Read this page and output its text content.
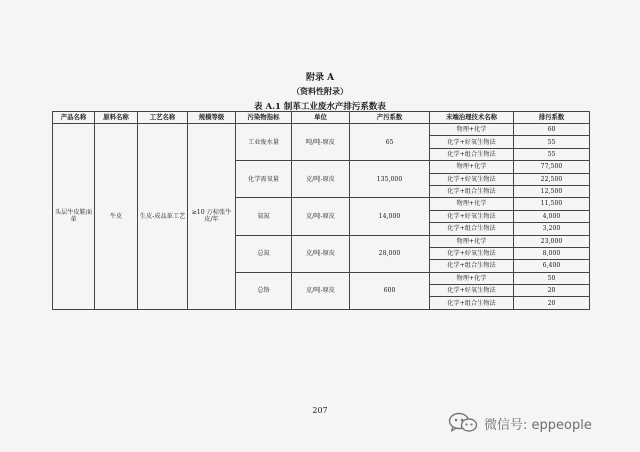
附录 A
（资料性附录）
表 A.1 制革工业废水产排污系数表
产品名称	原料名称	工艺名称	规模等级	污染物指标	单位	产污系数	末端治理技术名称	排污系数
头层牛皮鞋面革	牛皮	生皮-成品革工艺	≥10 万标张牛皮/年	工业废水量	吨/吨-原皮	65	物理+化学	60
							化学+好氧生物法	55
							化学+组合生物法	55
				化学需氧量	克/吨-原皮	135,000	物理+化学	77,500
							化学+好氧生物法	22,500
							化学+组合生物法	12,500
				氨氮	克/吨-原皮	14,000	物理+化学	11,500
							化学+好氧生物法	4,000
							化学+组合生物法	3,200
				总氮	克/吨-原皮	28,000	物理+化学	23,000
							化学+好氧生物法	8,000
							化学+组合生物法	6,400
				总铬	克/吨-原皮	600	物理+化学	50
							化学+好氧生物法	20
							化学+组合生物法	20
207
微信号: eppeople
